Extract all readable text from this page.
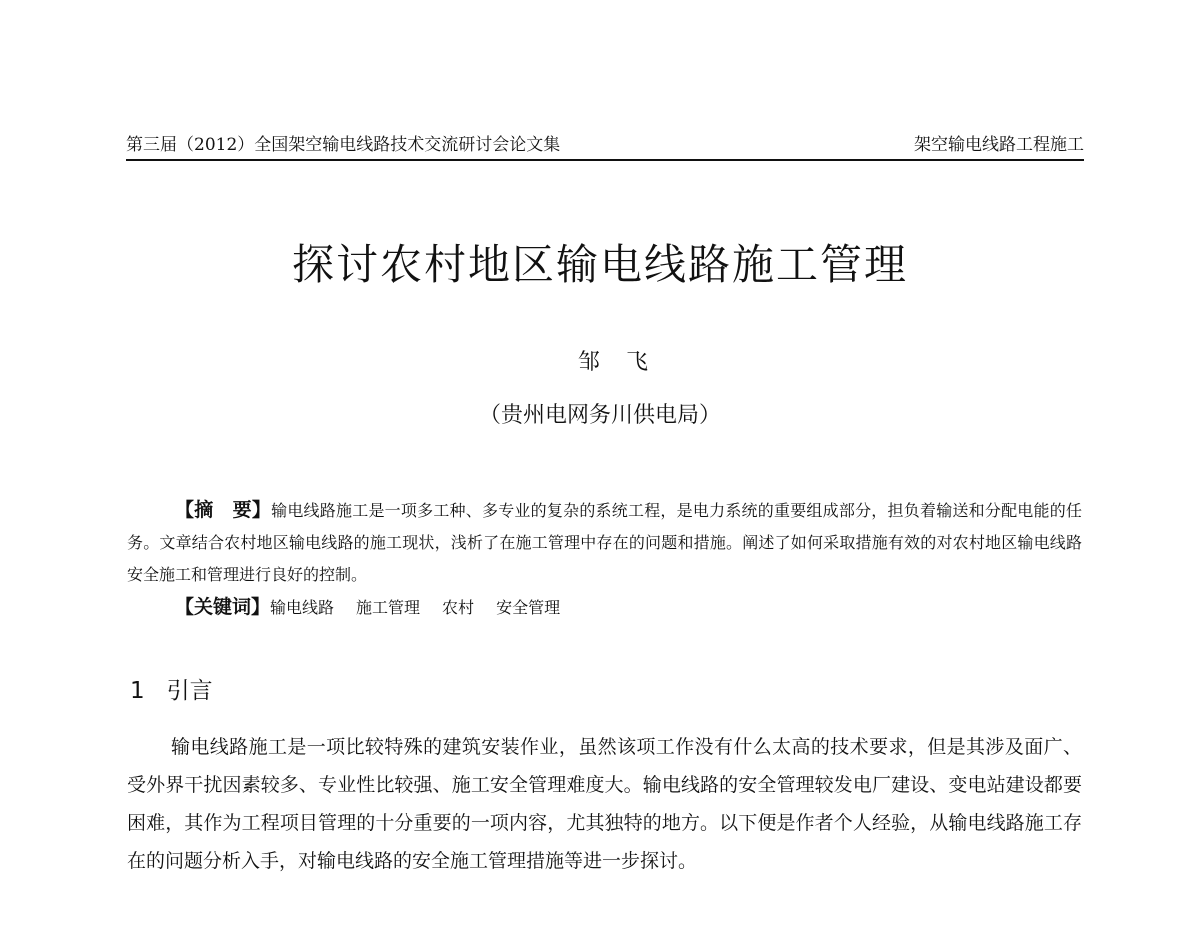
第三届（2012）全国架空输电线路技术交流研讨会论文集	架空输电线路工程施工
探讨农村地区输电线路施工管理
邹飞
（贵州电网务川供电局）

【摘　要】输电线路施工是一项多工种、多专业的复杂的系统工程，是电力系统的重要组成部分，担负着输送和分配电能的任务。文章结合农村地区输电线路的施工现状，浅析了在施工管理中存在的问题和措施。阐述了如何采取措施有效的对农村地区输电线路安全施工和管理进行良好的控制。

【关键词】输电线路 施工管理 农村 安全管理

1 引言

输电线路施工是一项比较特殊的建筑安装作业，虽然该项工作没有什么太高的技术要求，但是其涉及面广、受外界干扰因素较多、专业性比较强、施工安全管理难度大。输电线路的安全管理较发电厂建设、变电站建设都要困难，其作为工程项目管理的十分重要的一项内容，尤其独特的地方。以下便是作者个人经验，从输电线路施工存在的问题分析入手，对输电线路的安全施工管理措施等进一步探讨。
